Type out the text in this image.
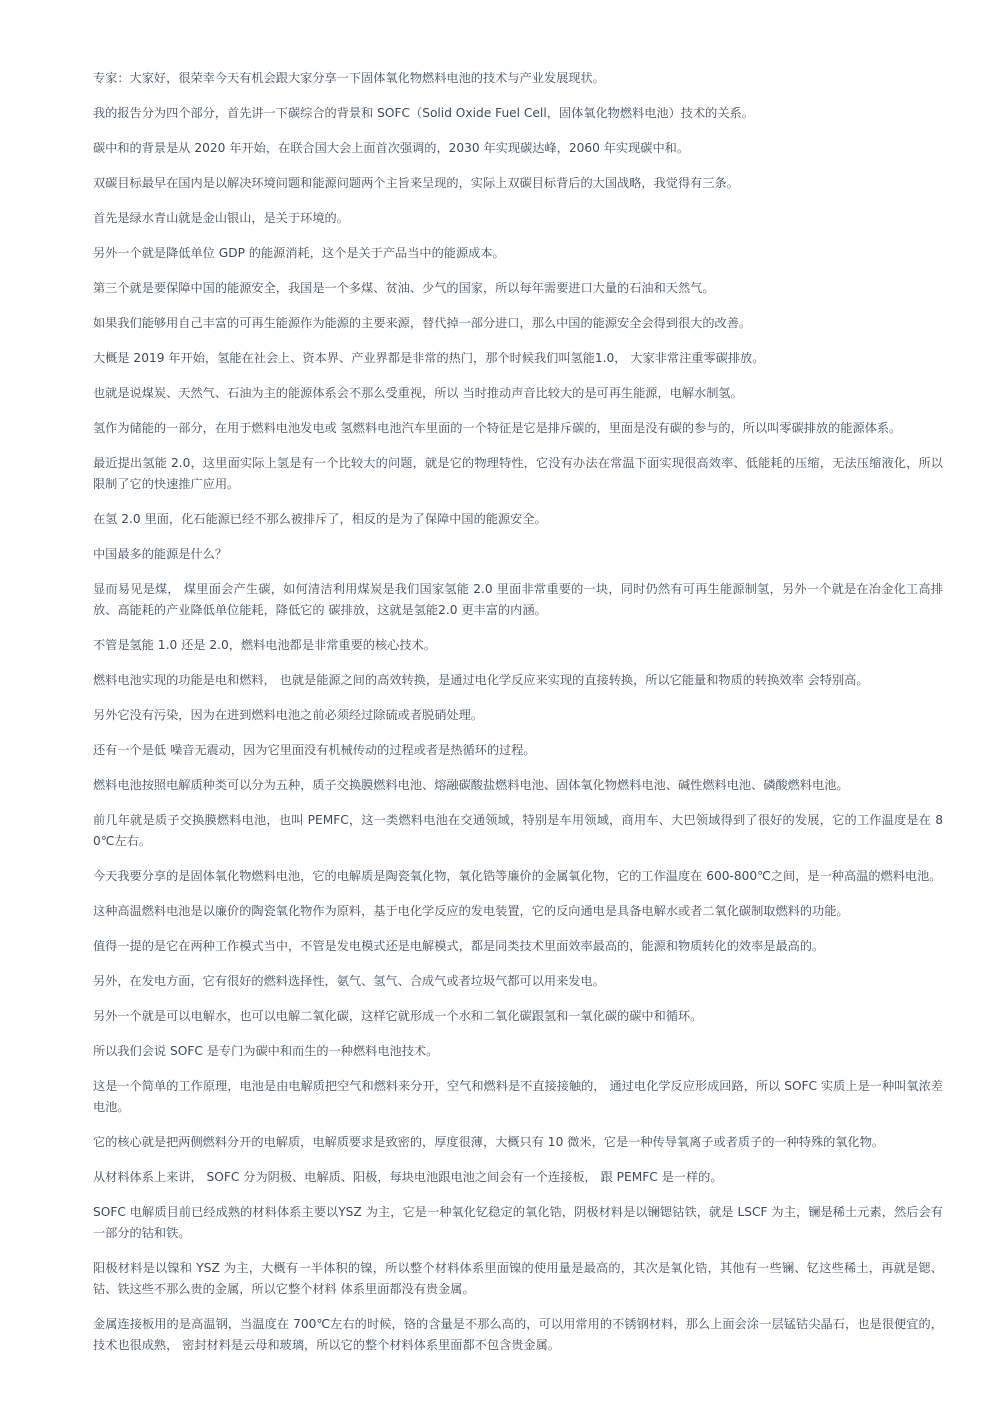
专家：大家好，很荣幸今天有机会跟大家分享一下固体氧化物燃料电池的技术与产业发展现状。

我的报告分为四个部分，首先讲一下碳综合的背景和 SOFC（Solid Oxide Fuel Cell，固体氧化物燃料电池）技术的关系。

碳中和的背景是从 2020 年开始，在联合国大会上面首次强调的，2030 年实现碳达峰，2060 年实现碳中和。

双碳目标最早在国内是以解决环境问题和能源问题两个主旨来呈现的，实际上双碳目标背后的大国战略，我觉得有三条。

首先是绿水青山就是金山银山，是关于环境的。

另外一个就是降低单位 GDP 的能源消耗，这个是关于产品当中的能源成本。

第三个就是要保障中国的能源安全，我国是一个多煤、贫油、少气的国家，所以每年需要进口大量的石油和天然气。

如果我们能够用自己丰富的可再生能源作为能源的主要来源，替代掉一部分进口，那么中国的能源安全会得到很大的改善。

大概是 2019 年开始，氢能在社会上、资本界、产业界都是非常的热门，那个时候我们叫氢能1.0， 大家非常注重零碳排放。

也就是说煤炭、天然气、石油为主的能源体系会不那么受重视，所以 当时推动声音比较大的是可再生能源，电解水制氢。

氢作为储能的一部分，在用于燃料电池发电或 氢燃料电池汽车里面的一个特征是它是排斥碳的，里面是没有碳的参与的，所以叫零碳排放的能源体系。

最近提出氢能 2.0，这里面实际上氢是有一个比较大的问题，就是它的物理特性，它没有办法在常温下面实现很高效率、低能耗的压缩，无法压缩液化，所以限制了它的快速推广应用。

在氢 2.0 里面，化石能源已经不那么被排斥了，相反的是为了保障中国的能源安全。

中国最多的能源是什么？

显而易见是煤， 煤里面会产生碳，如何清洁利用煤炭是我们国家氢能 2.0 里面非常重要的一块，同时仍然有可再生能源制氢，另外一个就是在冶金化工高排放、高能耗的产业降低单位能耗，降低它的 碳排放，这就是氢能2.0 更丰富的内涵。

不管是氢能 1.0 还是 2.0，燃料电池都是非常重要的核心技术。

燃料电池实现的功能是电和燃料， 也就是能源之间的高效转换，是通过电化学反应来实现的直接转换，所以它能量和物质的转换效率 会特别高。

另外它没有污染，因为在进到燃料电池之前必须经过除硫或者脱硝处理。

还有一个是低 噪音无震动，因为它里面没有机械传动的过程或者是热循环的过程。

燃料电池按照电解质种类可以分为五种，质子交换膜燃料电池、熔融碳酸盐燃料电池、固体氧化物燃料电池、碱性燃料电池、磷酸燃料电池。

前几年就是质子交换膜燃料电池，也叫 PEMFC，这一类燃料电池在交通领域，特别是车用领域，商用车、大巴领域得到了很好的发展，它的工作温度是在 80℃左右。

今天我要分享的是固体氧化物燃料电池，它的电解质是陶瓷氧化物，氧化锆等廉价的金属氧化物，它的工作温度在 600-800℃之间，是一种高温的燃料电池。

这种高温燃料电池是以廉价的陶瓷氧化物作为原料，基于电化学反应的发电装置，它的反向通电是具备电解水或者二氧化碳制取燃料的功能。

值得一提的是它在两种工作模式当中，不管是发电模式还是电解模式，都是同类技术里面效率最高的，能源和物质转化的效率是最高的。

另外，在发电方面，它有很好的燃料选择性，氨气、氢气、合成气或者垃圾气都可以用来发电。

另外一个就是可以电解水，也可以电解二氧化碳，这样它就形成一个水和二氧化碳跟氢和一氧化碳的碳中和循环。

所以我们会说 SOFC 是专门为碳中和而生的一种燃料电池技术。

这是一个简单的工作原理，电池是由电解质把空气和燃料来分开，空气和燃料是不直接接触的， 通过电化学反应形成回路，所以 SOFC 实质上是一种叫氧浓差电池。

它的核心就是把两侧燃料分开的电解质，电解质要求是致密的，厚度很薄，大概只有 10 微米，它是一种传导氧离子或者质子的一种特殊的氧化物。

从材料体系上来讲， SOFC 分为阴极、电解质、阳极，每块电池跟电池之间会有一个连接板， 跟 PEMFC 是一样的。

SOFC 电解质目前已经成熟的材料体系主要以YSZ 为主，它是一种氧化钇稳定的氧化锆，阴极材料是以镧锶钴铁，就是 LSCF 为主，镧是稀土元素，然后会有一部分的钴和铁。

阳极材料是以镍和 YSZ 为主，大概有一半体积的镍，所以整个材料体系里面镍的使用量是最高的，其次是氧化锆，其他有一些镧、钇这些稀土，再就是锶、钴、铁这些不那么贵的金属，所以它整个材料 体系里面都没有贵金属。

金属连接板用的是高温钢，当温度在 700℃左右的时候，铬的含量是不那么高的，可以用常用的不锈钢材料，那么上面会涂一层锰钴尖晶石，也是很便宜的，技术也很成熟， 密封材料是云母和玻璃，所以它的整个材料体系里面都不包含贵金属。
